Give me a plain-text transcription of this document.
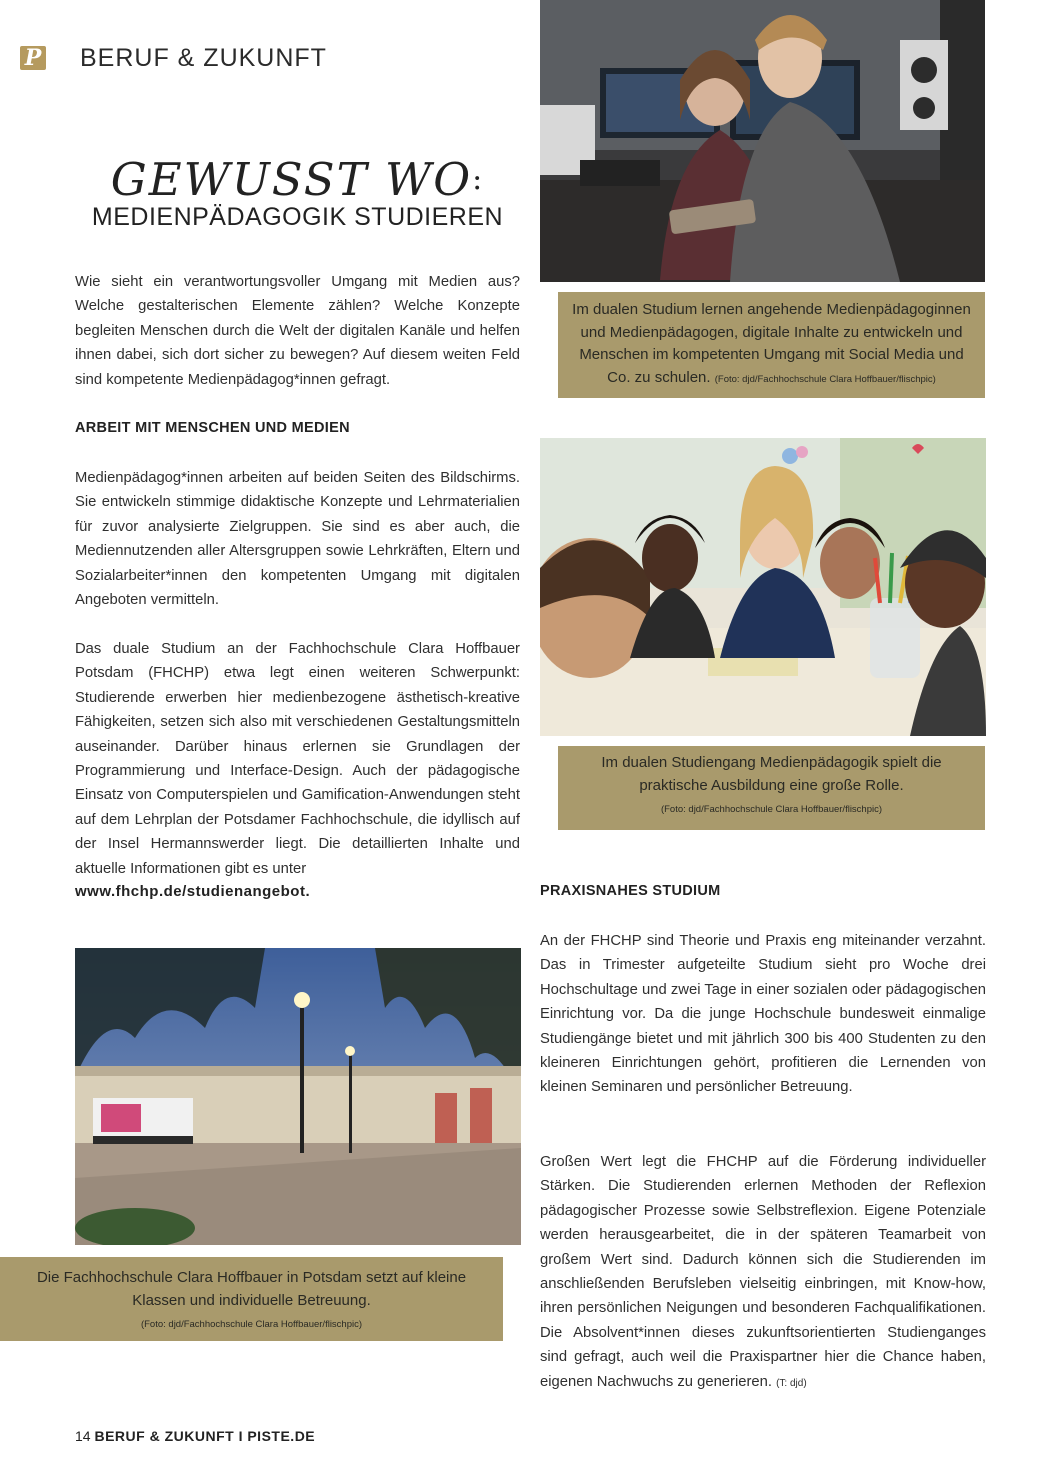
P BERUF & ZUKUNFT
GEWUSST WO:
MEDIENPÄDAGOGIK STUDIEREN

Wie sieht ein verantwortungsvoller Umgang mit Medien aus? Welche gestalterischen Elemente zählen? Welche Konzepte begleiten Menschen durch die Welt der digitalen Kanäle und helfen ihnen dabei, sich dort sicher zu bewegen? Auf diesem weiten Feld sind kompetente Medienpädagog*innen gefragt.

ARBEIT MIT MENSCHEN UND MEDIEN

Medienpädagog*innen arbeiten auf beiden Seiten des Bildschirms. Sie entwickeln stimmige didaktische Konzepte und Lehrmaterialien für zuvor analysierte Zielgruppen. Sie sind es aber auch, die Mediennutzenden aller Altersgruppen sowie Lehrkräften, Eltern und Sozialarbeiter*innen den kompetenten Umgang mit digitalen Angeboten vermitteln.

Das duale Studium an der Fachhochschule Clara Hoffbauer Potsdam (FHCHP) etwa legt einen weiteren Schwerpunkt: Studierende erwerben hier medienbezogene ästhetisch-kreative Fähigkeiten, setzen sich also mit verschiedenen Gestaltungsmitteln auseinander. Darüber hinaus erlernen sie Grundlagen der Programmierung und Interface-Design. Auch der pädagogische Einsatz von Computerspielen und Gamification-Anwendungen steht auf dem Lehrplan der Potsdamer Fachhochschule, die idyllisch auf der Insel Hermannswerder liegt. Die detaillierten Inhalte und aktuelle Informationen gibt es unter

www.fhchp.de/studienangebot.
Im dualen Studium lernen angehende Medienpädagoginnen und Medienpädagogen, digitale Inhalte zu entwickeln und Menschen im kompetenten Umgang mit Social Media und Co. zu schulen. (Foto: djd/Fachhochschule Clara Hoffbauer/flischpic)
Im dualen Studiengang Medienpädagogik spielt die praktische Ausbildung eine große Rolle.
(Foto: djd/Fachhochschule Clara Hoffbauer/flischpic)
PRAXISNAHES STUDIUM

An der FHCHP sind Theorie und Praxis eng miteinander verzahnt. Das in Trimester aufgeteilte Studium sieht pro Woche drei Hochschultage und zwei Tage in einer sozialen oder pädagogischen Einrichtung vor. Da die junge Hochschule bundesweit einmalige Studiengänge bietet und mit jährlich 300 bis 400 Studenten zu den kleineren Einrichtungen gehört, profitieren die Lernenden von kleinen Seminaren und persönlicher Betreuung.

Großen Wert legt die FHCHP auf die Förderung individueller Stärken. Die Studierenden erlernen Methoden der Reflexion pädagogischer Prozesse sowie Selbstreflexion. Eigene Potenziale werden herausgearbeitet, die in der späteren Teamarbeit von großem Wert sind. Dadurch können sich die Studierenden im anschließenden Berufsleben vielseitig einbringen, mit Know-how, ihren persönlichen Neigungen und besonderen Fachqualifikationen. Die Absolvent*innen dieses zukunftsorientierten Studienganges sind gefragt, auch weil die Praxispartner hier die Chance haben, eigenen Nachwuchs zu generieren. (T: djd)

Die Fachhochschule Clara Hoffbauer in Potsdam setzt auf kleine Klassen und individuelle Betreuung.
(Foto: djd/Fachhochschule Clara Hoffbauer/flischpic)
14 BERUF & ZUKUNFT I PISTE.DE
